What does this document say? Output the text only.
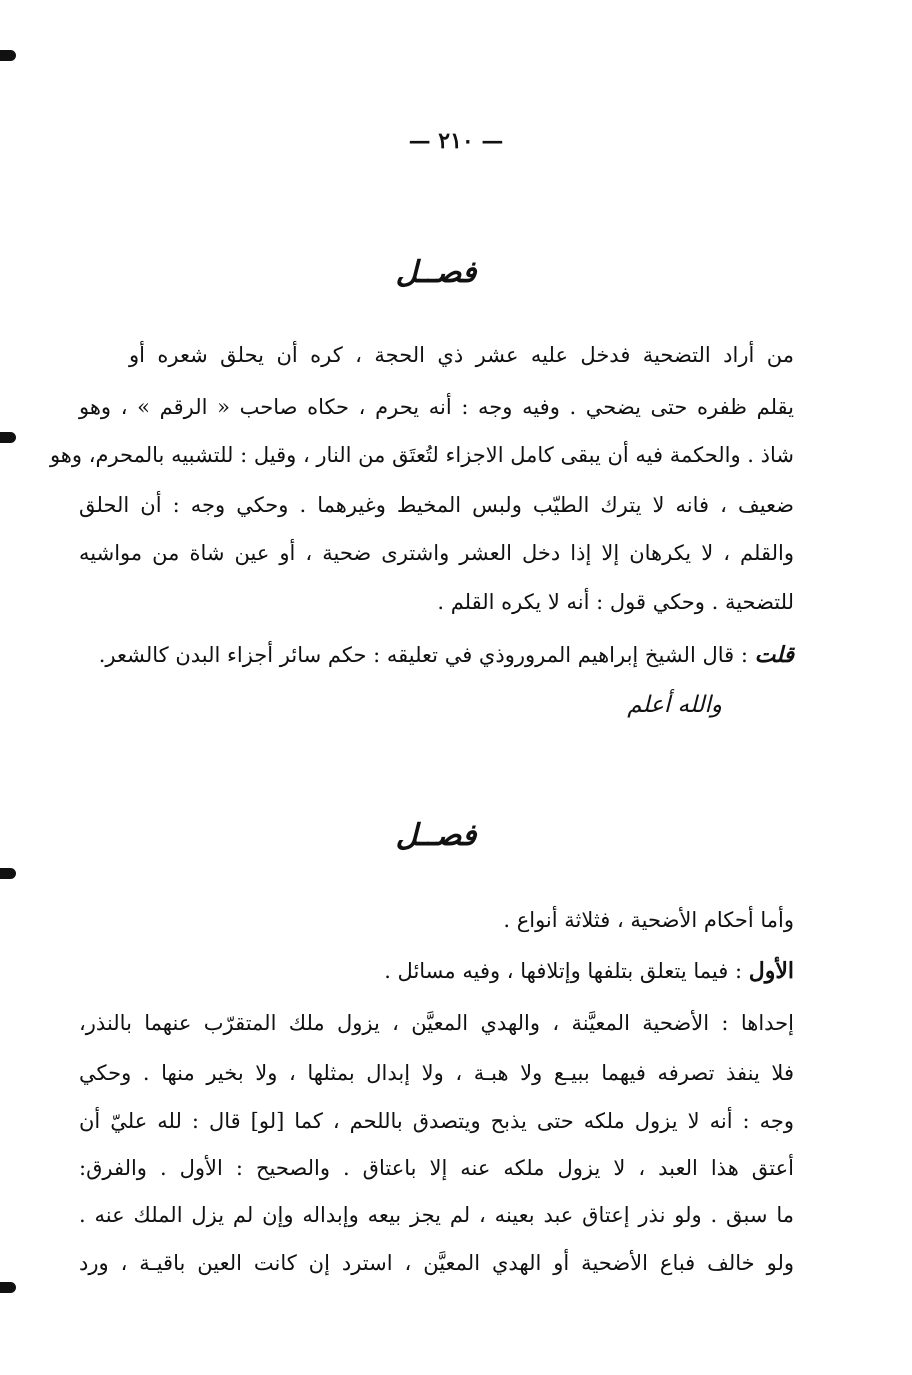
— ٢١٠ —
فصــل
من أراد التضحية فدخل عليه عشر ذي الحجة ، كره أن يحلق شعره أو
يقلم ظفره حتى يضحي . وفيه وجه : أنه يحرم ، حكاه صاحب « الرقم » ، وهو
شاذ . والحكمة فيه أن يبقى كامل الاجزاء لتُعتَق من النار ، وقيل : للتشبيه بالمحرم، وهو
ضعيف ، فانه لا يترك الطيّب ولبس المخيط وغيرهما . وحكي وجه : أن الحلق
والقلم ، لا يكرهان إلا إذا دخل العشر واشترى ضحية ، أو عين شاة من مواشيه
للتضحية . وحكي قول : أنه لا يكره القلم .
قلت : قال الشيخ إبراهيم المروروذي في تعليقه : حكم سائر أجزاء البدن كالشعر.
والله أعلم
فصــل
وأما أحكام الأضحية ، فثلاثة أنواع .
الأول : فيما يتعلق بتلفها وإتلافها ، وفيه مسائل .
إحداها : الأضحية المعيَّنة ، والهدي المعيَّن ، يزول ملك المتقرّب عنهما بالنذر،
فلا ينفذ تصرفه فيهما ببيـع ولا هبـة ، ولا إبدال بمثلها ، ولا بخير منها . وحكي
وجه : أنه لا يزول ملكه حتى يذبح ويتصدق باللحم ، كما [لو] قال : لله عليّ أن
أعتق هذا العبد ، لا يزول ملكه عنه إلا باعتاق . والصحيح : الأول . والفرق:
ما سبق . ولو نذر إعتاق عبد بعينه ، لم يجز بيعه وإبداله وإن لم يزل الملك عنه .
ولو خالف فباع الأضحية أو الهدي المعيَّن ، استرد إن كانت العين باقيـة ، ورد
